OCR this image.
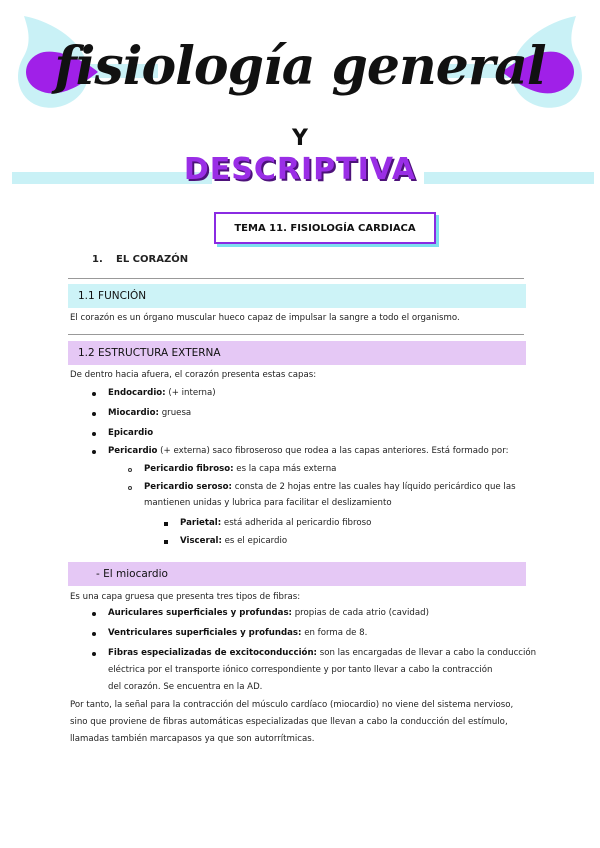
fisiología general
Y
DESCRIPTIVA
TEMA 11. FISIOLOGÍA CARDIACA
1. EL CORAZÓN
1.1 FUNCIÓN
El corazón es un órgano muscular hueco capaz de impulsar la sangre a todo el organismo.
1.2 ESTRUCTURA EXTERNA
De dentro hacia afuera, el corazón presenta estas capas:
Endocardio: (+ interna)
Miocardio: gruesa
Epicardio
Pericardio (+ externa) saco fibroseroso que rodea a las capas anteriores. Está formado por:
Pericardio fibroso: es la capa más externa
Pericardio seroso: consta de 2 hojas entre las cuales hay líquido pericárdico que las
mantienen unidas y lubrica para facilitar el deslizamiento
Parietal: está adherida al pericardio fibroso
Visceral: es el epicardio
- El miocardio
Es una capa gruesa que presenta tres tipos de fibras:
Auriculares superficiales y profundas: propias de cada atrio (cavidad)
Ventriculares superficiales y profundas: en forma de 8.
Fibras especializadas de excitoconducción: son las encargadas de llevar a cabo la conducción
eléctrica por el transporte iónico correspondiente y por tanto llevar a cabo la contracción
del corazón. Se encuentra en la AD.
Por tanto, la señal para la contracción del músculo cardíaco (miocardio) no viene del sistema nervioso,
sino que proviene de fibras automáticas especializadas que llevan a cabo la conducción del estímulo,
llamadas también marcapasos ya que son autorrítmicas.
